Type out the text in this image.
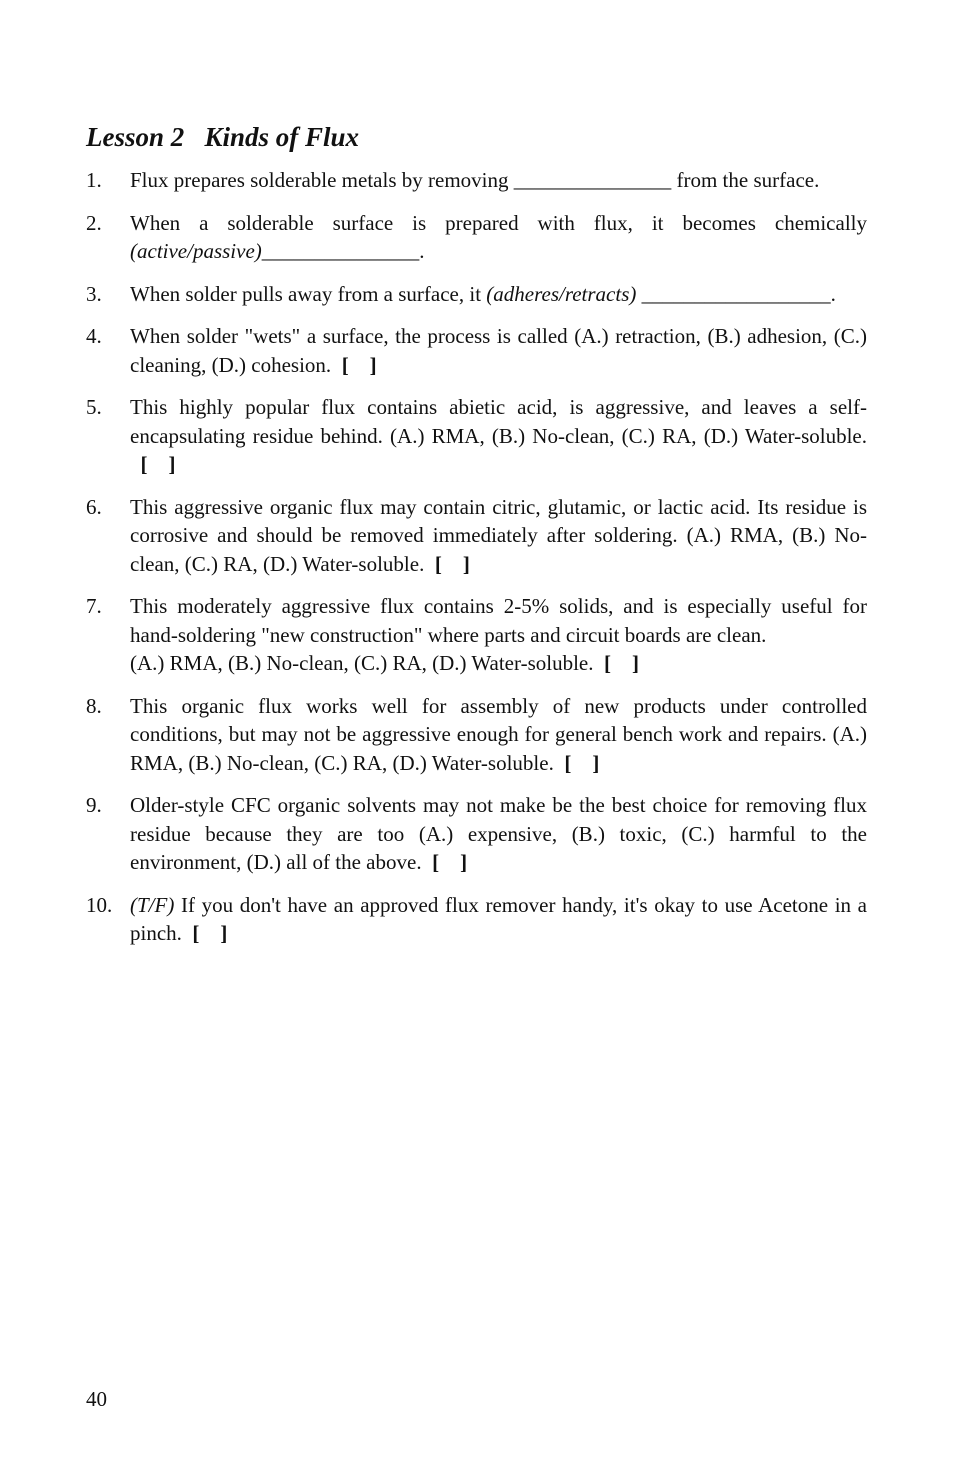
Lesson 2   Kinds of Flux
1.	Flux prepares solderable metals by removing _______________ from the surface.
2.	When a solderable surface is prepared with flux, it becomes chemically (active/passive)_______________.
3.	When solder pulls away from a surface, it (adheres/retracts) __________________.
4.	When solder "wets" a surface, the process is called (A.) retraction, (B.) adhesion, (C.) cleaning, (D.) cohesion. [    ]
5.	This highly popular flux contains abietic acid, is aggressive, and leaves a self-encapsulating residue behind. (A.) RMA, (B.) No-clean, (C.) RA, (D.) Water-soluble.  [    ]
6.	This aggressive organic flux may contain citric, glutamic, or lactic acid. Its residue is corrosive and should be removed immediately after soldering. (A.) RMA, (B.) No-clean, (C.) RA, (D.) Water-soluble. [    ]
7.	This moderately aggressive flux contains 2-5% solids, and is especially useful for hand-soldering "new construction" where parts and circuit boards are clean.
(A.) RMA, (B.) No-clean, (C.) RA, (D.) Water-soluble. [    ]
8.	This organic flux works well for assembly of new products under controlled conditions, but may not be aggressive enough for general bench work and repairs. (A.) RMA, (B.) No-clean, (C.) RA, (D.) Water-soluble. [    ]
9.	Older-style CFC organic solvents may not make be the best choice for removing flux residue because they are too (A.) expensive, (B.) toxic, (C.) harmful to the environment, (D.) all of the above. [    ]
10. (T/F) If you don't have an approved flux remover handy, it's okay to use Acetone in a pinch. [    ]
40
